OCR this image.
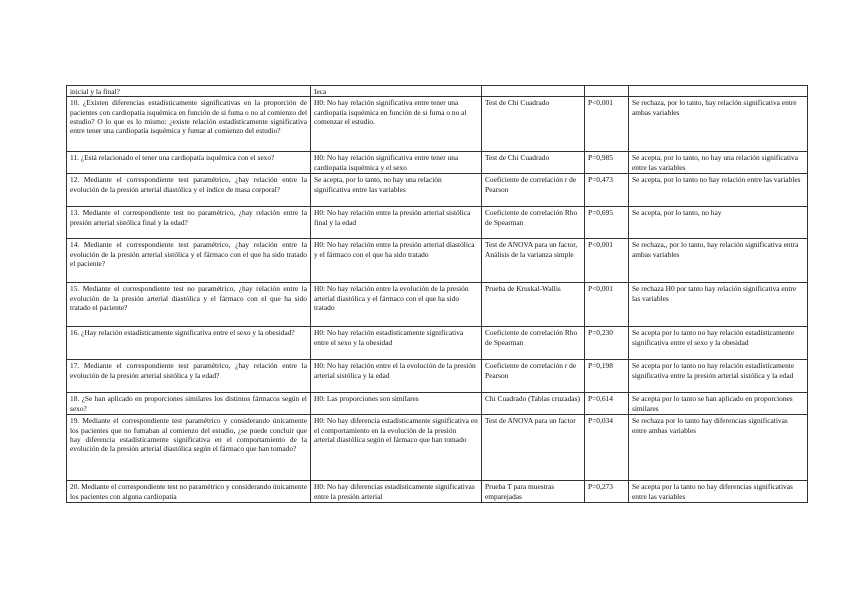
inicial y la final?	Ieca			
10. ¿Existen diferencias estadísticamente significativas en la proporción de pacientes con cardiopatía isquémica en función de si fuma o no al comienzo del estudio? O lo que es lo mismo: ¿existe relación estadísticamente significativa entre tener una cardiopatía isquémica y fumar al comienzo del estudio?	H0: No hay relación significativa entre tener una cardiopatía isquémica en función de si fuma o no al comenzar el estudio.	Test de Chi Cuadrado	P<0,001	Se rechaza, por lo tanto, hay relación significativa entre ambas variables
11. ¿Está relacionado el tener una cardiopatía isquémica con el sexo?	H0: No hay relación significativa entre tener una cardiopatía isquémica y el sexo	Test de Chi Cuadrado	P=0,985	Se acepta, por lo tanto, no hay una relación significativa entre las variables
12. Mediante el correspondiente test paramétrico, ¿hay relación entre la evolución de la presión arterial diastólica y el índice de masa corporal?	Se acepta, por lo tanto, no hay una relación significativa entre las variables	Coeficiente de correlación r de Pearson	P=0,473	Se acepta, por lo tanto no hay relación entre las variables
13. Mediante el correspondiente test no paramétrico, ¿hay relación entre la presión arterial sistólica final y la edad?	H0: No hay relación entre la presión arterial sistólica final y la edad	Coeficiente de correlación Rho de Spearman	P=0,695	Se acepta, por lo tanto, no hay
14. Mediante el correspondiente test paramétrico, ¿hay relación entre la evolución de la presión arterial sistólica y el fármaco con el que ha sido tratado el paciente?	H0: No hay relación entre la presión arterial diastólica y el fármaco con el que ha sido tratado	Test de ANOVA para un factor, Análisis de la varianza simple	P<0,001	Se rechaza,, por lo tanto, hay relación significativa entra ambas variables
15. Mediante el correspondiente test no paramétrico, ¿hay relación entre la evolución de la presión arterial diastólica y el fármaco con el que ha sido tratado el paciente?	H0: No hay relación entre la evolución de la presión arterial diastólica y el fármaco con el que ha sido tratado	Prueba de Kruskal-Wallis	P<0,001	Se rechaza H0 por tanto hay relación significativa entre las variables
16. ¿Hay relación estadísticamente significativa entre el sexo y la obesidad?	H0: No hay relación estadísticamente significativa entre el sexo y la obesidad	Coeficiente de correlación Rho de Spearman	P=0,230	Se acepta por lo tanto no hay relación estadísticamente significativa entre el sexo y la obesidad
17. Mediante el correspondiente test paramétrico, ¿hay relación entre la evolución de la presión arterial sistólica y la edad?	H0: No hay relación entre el la evolución de la presión arterial sistólica y la edad	Coeficiente de correlación r de Pearson	P=0,198	Se acepta por lo tanto no hay relación estadísticamente significativa entre la presión arterial sistólica y la edad
18. ¿Se han aplicado en proporciones similares los distintos fármacos según el sexo?	H0: Las proporciones son similares	Chi Cuadrado (Tablas cruzadas)	P=0,614	Se acepta por lo tanto se han aplicado en proporciones similares
19. Mediante el correspondiente test paramétrico y considerando únicamente los pacientes que no fumaban al comienzo del estudio, ¿se puede concluir que hay diferencia estadísticamente significativa en el comportamiento de la evolución de la presión arterial diastólica según el fármaco que han tomado?	H0: No hay diferencia estadísticamente significativa en el comportamiento en la evolución de la presión arterial diastólica según el fármaco que han tomado	Test de ANOVA para un factor	P=0,034	Se rechaza por lo tanto hay diferencias significativas entre ambas variables
20. Mediante el correspondiente test no paramétrico y considerando únicamente los pacientes con alguna cardiopatía	H0: No hay diferencias estadísticamente significativas entre la presión arterial	Prueba T para muestras emparejadas	P=0,273	Se acepta por la tanto no hay diferencias significativas entre las variables
